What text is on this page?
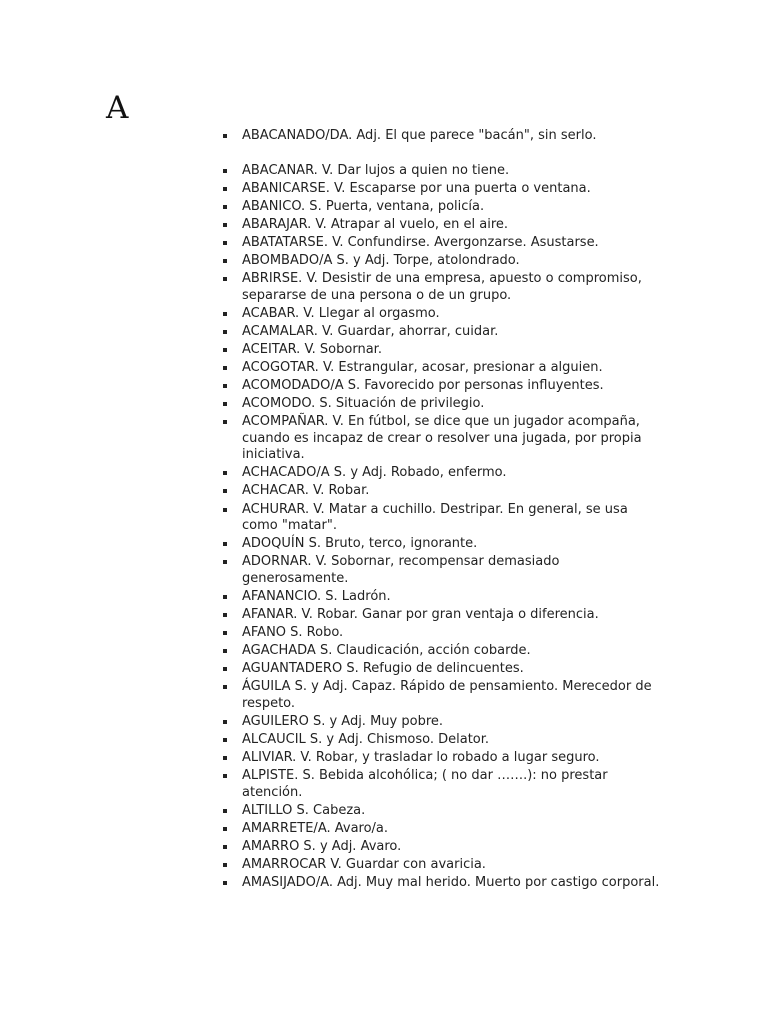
A
ABACANADO/DA. Adj. El que parece "bacán", sin serlo.
ABACANAR. V. Dar lujos a quien no tiene.
ABANICARSE. V. Escaparse por una puerta o ventana.
ABANICO. S. Puerta, ventana, policía.
ABARAJAR. V. Atrapar al vuelo, en el aire.
ABATATARSE. V. Confundirse. Avergonzarse. Asustarse.
ABOMBADO/A S. y Adj. Torpe, atolondrado.
ABRIRSE. V. Desistir de una empresa, apuesto o compromiso, separarse de una persona o de un grupo.
ACABAR. V. Llegar al orgasmo.
ACAMALAR. V. Guardar, ahorrar, cuidar.
ACEITAR. V. Sobornar.
ACOGOTAR. V. Estrangular, acosar, presionar a alguien.
ACOMODADO/A S. Favorecido por personas influyentes.
ACOMODO. S. Situación de privilegio.
ACOMPAÑAR. V. En fútbol, se dice que un jugador acompaña, cuando es incapaz de crear o resolver una jugada, por propia iniciativa.
ACHACADO/A S. y Adj. Robado, enfermo.
ACHACAR. V. Robar.
ACHURAR. V. Matar a cuchillo. Destripar. En general, se usa como "matar".
ADOQUÍN S. Bruto, terco, ignorante.
ADORNAR. V. Sobornar, recompensar demasiado generosamente.
AFANANCIO. S. Ladrón.
AFANAR. V. Robar. Ganar por gran ventaja o diferencia.
AFANO S. Robo.
AGACHADA S. Claudicación, acción cobarde.
AGUANTADERO S. Refugio de delincuentes.
ÁGUILA S. y Adj. Capaz. Rápido de pensamiento. Merecedor de respeto.
AGUILERO S. y Adj. Muy pobre.
ALCAUCIL S. y Adj. Chismoso. Delator.
ALIVIAR. V. Robar, y trasladar lo robado a lugar seguro.
ALPISTE. S. Bebida alcohólica; ( no dar …….): no prestar atención.
ALTILLO S. Cabeza.
AMARRETE/A. Avaro/a.
AMARRO S. y Adj. Avaro.
AMARROCAR V. Guardar con avaricia.
AMASIJADO/A. Adj. Muy mal herido. Muerto por castigo corporal.
